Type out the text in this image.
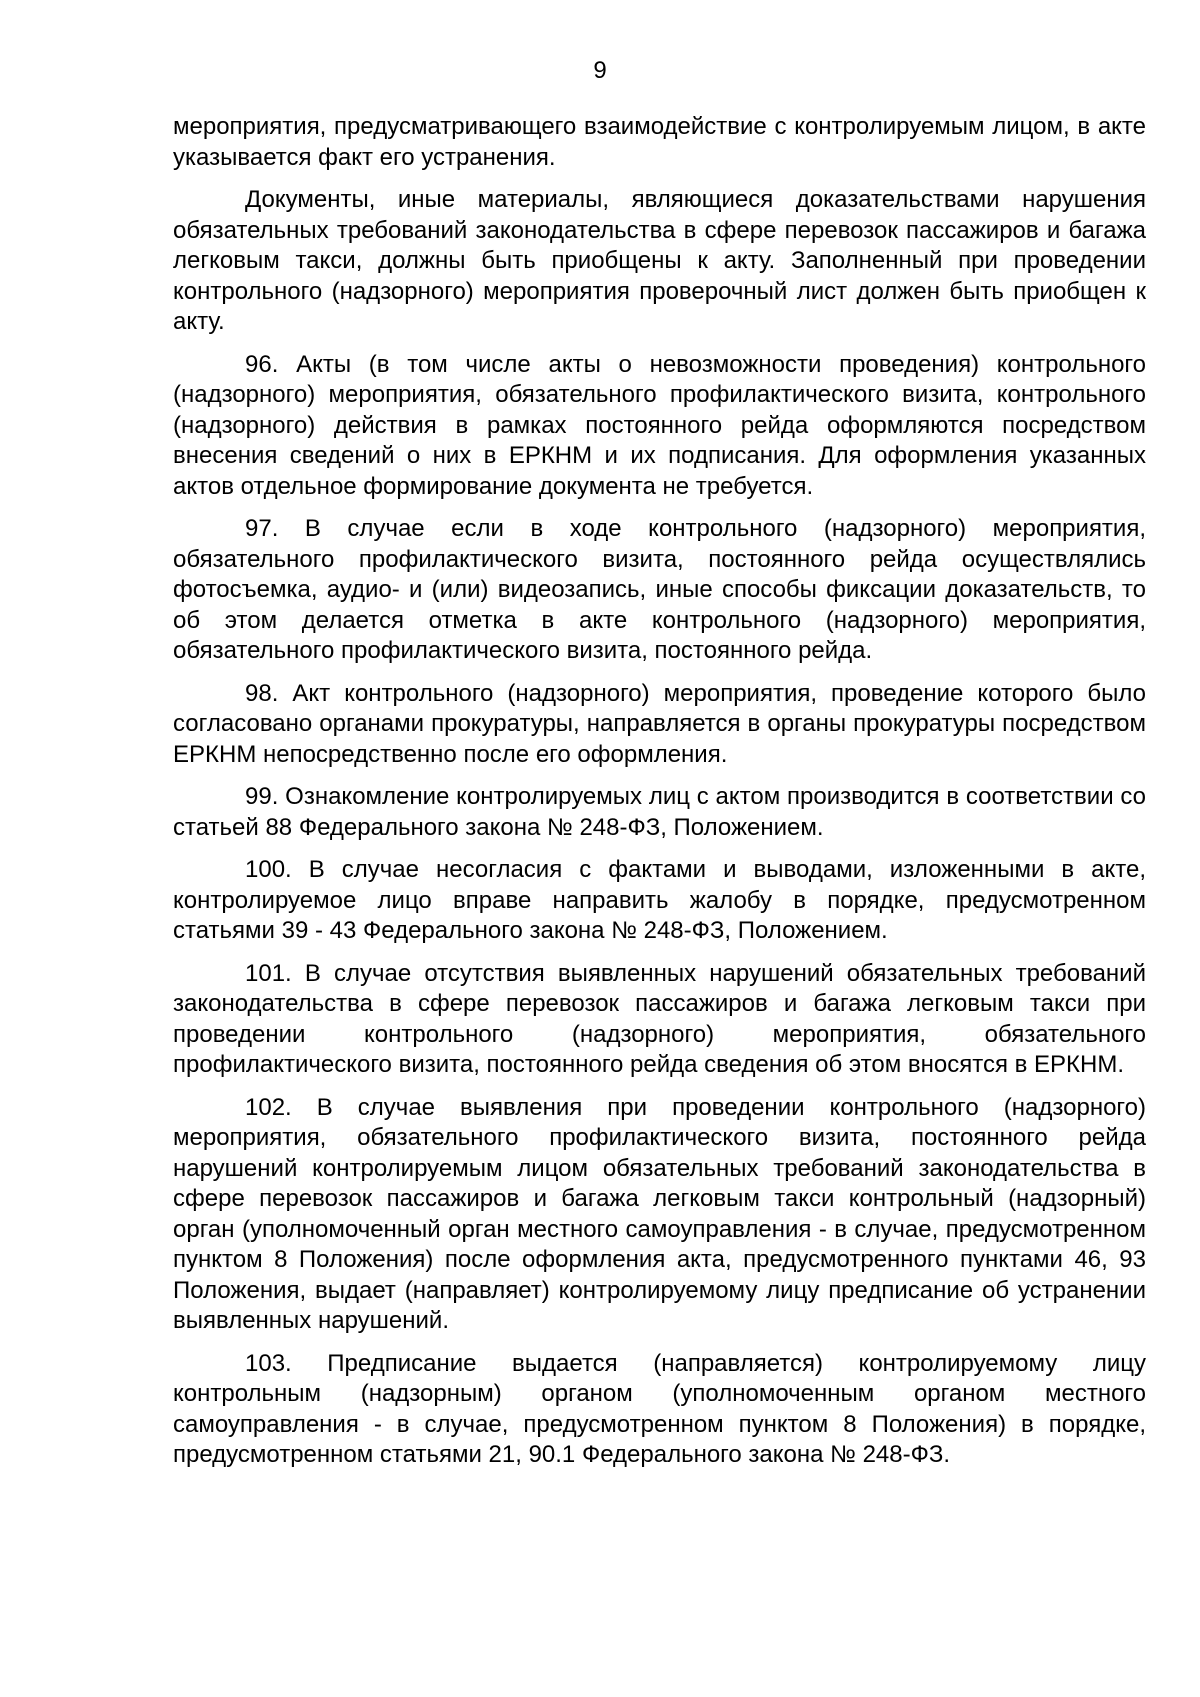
9

мероприятия, предусматривающего взаимодействие с контролируемым лицом, в акте указывается факт его устранения.

Документы, иные материалы, являющиеся доказательствами нарушения обязательных требований законодательства в сфере перевозок пассажиров и багажа легковым такси, должны быть приобщены к акту. Заполненный при проведении контрольного (надзорного) мероприятия проверочный лист должен быть приобщен к акту.

96. Акты (в том числе акты о невозможности проведения) контрольного (надзорного) мероприятия, обязательного профилактического визита, контрольного (надзорного) действия в рамках постоянного рейда оформляются посредством внесения сведений о них в ЕРКНМ и их подписания. Для оформления указанных актов отдельное формирование документа не требуется.

97. В случае если в ходе контрольного (надзорного) мероприятия, обязательного профилактического визита, постоянного рейда осуществлялись фотосъемка, аудио- и (или) видеозапись, иные способы фиксации доказательств, то об этом делается отметка в акте контрольного (надзорного) мероприятия, обязательного профилактического визита, постоянного рейда.

98. Акт контрольного (надзорного) мероприятия, проведение которого было согласовано органами прокуратуры, направляется в органы прокуратуры посредством ЕРКНМ непосредственно после его оформления.

99. Ознакомление контролируемых лиц с актом производится в соответствии со статьей 88 Федерального закона № 248-ФЗ, Положением.

100. В случае несогласия с фактами и выводами, изложенными в акте, контролируемое лицо вправе направить жалобу в порядке, предусмотренном статьями 39 - 43 Федерального закона № 248-ФЗ, Положением.

101. В случае отсутствия выявленных нарушений обязательных требований законодательства в сфере перевозок пассажиров и багажа легковым такси при проведении контрольного (надзорного) мероприятия, обязательного профилактического визита, постоянного рейда сведения об этом вносятся в ЕРКНМ.

102. В случае выявления при проведении контрольного (надзорного) мероприятия, обязательного профилактического визита, постоянного рейда нарушений контролируемым лицом обязательных требований законодательства в сфере перевозок пассажиров и багажа легковым такси контрольный (надзорный) орган (уполномоченный орган местного самоуправления - в случае, предусмотренном пунктом 8 Положения) после оформления акта, предусмотренного пунктами 46, 93 Положения, выдает (направляет) контролируемому лицу предписание об устранении выявленных нарушений.

103. Предписание выдается (направляется) контролируемому лицу контрольным (надзорным) органом (уполномоченным органом местного самоуправления - в случае, предусмотренном пунктом 8 Положения) в порядке, предусмотренном статьями 21, 90.1 Федерального закона № 248-ФЗ.
